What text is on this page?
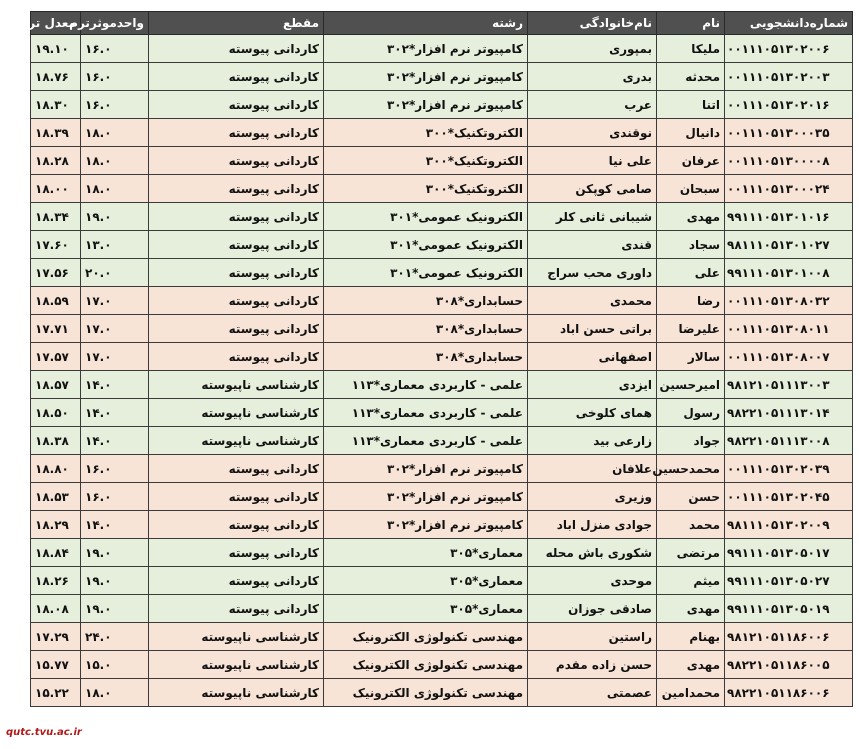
شماره‌دانشجویی	نام	نام‌خانوادگی	رشته	مقطع	واحدموثرترم	معدل ترم
۰۰۱۱۱۰۵۱۳۰۲۰۰۶	ملیکا	بمپوری	کامپیوتر نرم افزار*۳۰۲	کاردانی پیوسته	۱۶.۰	۱۹.۱۰
۰۰۱۱۱۰۵۱۳۰۲۰۰۳	محدثه	بدری	کامپیوتر نرم افزار*۳۰۲	کاردانی پیوسته	۱۶.۰	۱۸.۷۶
۰۰۱۱۱۰۵۱۳۰۲۰۱۶	اتنا	عرب	کامپیوتر نرم افزار*۳۰۲	کاردانی پیوسته	۱۶.۰	۱۸.۳۰
۰۰۱۱۱۰۵۱۳۰۰۰۳۵	دانیال	نوقندی	الکتروتکنیک*۳۰۰	کاردانی پیوسته	۱۸.۰	۱۸.۳۹
۰۰۱۱۱۰۵۱۳۰۰۰۰۸	عرفان	علی نیا	الکتروتکنیک*۳۰۰	کاردانی پیوسته	۱۸.۰	۱۸.۲۸
۰۰۱۱۱۰۵۱۳۰۰۰۲۴	سبحان	صامی کوپکن	الکتروتکنیک*۳۰۰	کاردانی پیوسته	۱۸.۰	۱۸.۰۰
۹۹۱۱۱۰۵۱۳۰۱۰۱۶	مهدی	شیبانی ثانی کلر	الکترونیک عمومی*۳۰۱	کاردانی پیوسته	۱۹.۰	۱۸.۳۴
۹۸۱۱۱۰۵۱۳۰۱۰۲۷	سجاد	قندی	الکترونیک عمومی*۳۰۱	کاردانی پیوسته	۱۳.۰	۱۷.۶۰
۹۹۱۱۱۰۵۱۳۰۱۰۰۸	علی	داوری محب سراج	الکترونیک عمومی*۳۰۱	کاردانی پیوسته	۲۰.۰	۱۷.۵۶
۰۰۱۱۱۰۵۱۳۰۸۰۳۲	رضا	محمدی	حسابداری*۳۰۸	کاردانی پیوسته	۱۷.۰	۱۸.۵۹
۰۰۱۱۱۰۵۱۳۰۸۰۱۱	علیرضا	براتی حسن اباد	حسابداری*۳۰۸	کاردانی پیوسته	۱۷.۰	۱۷.۷۱
۰۰۱۱۱۰۵۱۳۰۸۰۰۷	سالار	اصفهانی	حسابداری*۳۰۸	کاردانی پیوسته	۱۷.۰	۱۷.۵۷
۹۸۱۲۱۰۵۱۱۱۳۰۰۳	امیرحسین	ایزدی	علمی - کاربردی معماری*۱۱۳	کارشناسی ناپیوسته	۱۴.۰	۱۸.۵۷
۹۸۲۲۱۰۵۱۱۱۳۰۱۴	رسول	همای کلوخی	علمی - کاربردی معماری*۱۱۳	کارشناسی ناپیوسته	۱۴.۰	۱۸.۵۰
۹۸۲۲۱۰۵۱۱۱۳۰۰۸	جواد	زارعی بید	علمی - کاربردی معماری*۱۱۳	کارشناسی ناپیوسته	۱۴.۰	۱۸.۳۸
۰۰۱۱۱۰۵۱۳۰۲۰۳۹	محمدحسین	علافان	کامپیوتر نرم افزار*۳۰۲	کاردانی پیوسته	۱۶.۰	۱۸.۸۰
۰۰۱۱۱۰۵۱۳۰۲۰۴۵	حسن	وزیری	کامپیوتر نرم افزار*۳۰۲	کاردانی پیوسته	۱۶.۰	۱۸.۵۳
۹۸۱۱۱۰۵۱۳۰۲۰۰۹	محمد	جوادی منزل اباد	کامپیوتر نرم افزار*۳۰۲	کاردانی پیوسته	۱۴.۰	۱۸.۲۹
۹۹۱۱۱۰۵۱۳۰۵۰۱۷	مرتضی	شکوری باش محله	معماری*۳۰۵	کاردانی پیوسته	۱۹.۰	۱۸.۸۴
۹۹۱۱۱۰۵۱۳۰۵۰۲۷	میثم	موحدی	معماری*۳۰۵	کاردانی پیوسته	۱۹.۰	۱۸.۲۶
۹۹۱۱۱۰۵۱۳۰۵۰۱۹	مهدی	صادقی جوزان	معماری*۳۰۵	کاردانی پیوسته	۱۹.۰	۱۸.۰۸
۹۸۱۲۱۰۵۱۱۸۶۰۰۶	بهنام	راستین	مهندسی تکنولوژی الکترونیک	کارشناسی ناپیوسته	۲۴.۰	۱۷.۲۹
۹۸۲۲۱۰۵۱۱۸۶۰۰۵	مهدی	حسن زاده مقدم	مهندسی تکنولوژی الکترونیک	کارشناسی ناپیوسته	۱۵.۰	۱۵.۷۷
۹۸۲۲۱۰۵۱۱۸۶۰۰۶	محمدامین	عصمتی	مهندسی تکنولوژی الکترونیک	کارشناسی ناپیوسته	۱۸.۰	۱۵.۲۲
qutc.tvu.ac.ir
